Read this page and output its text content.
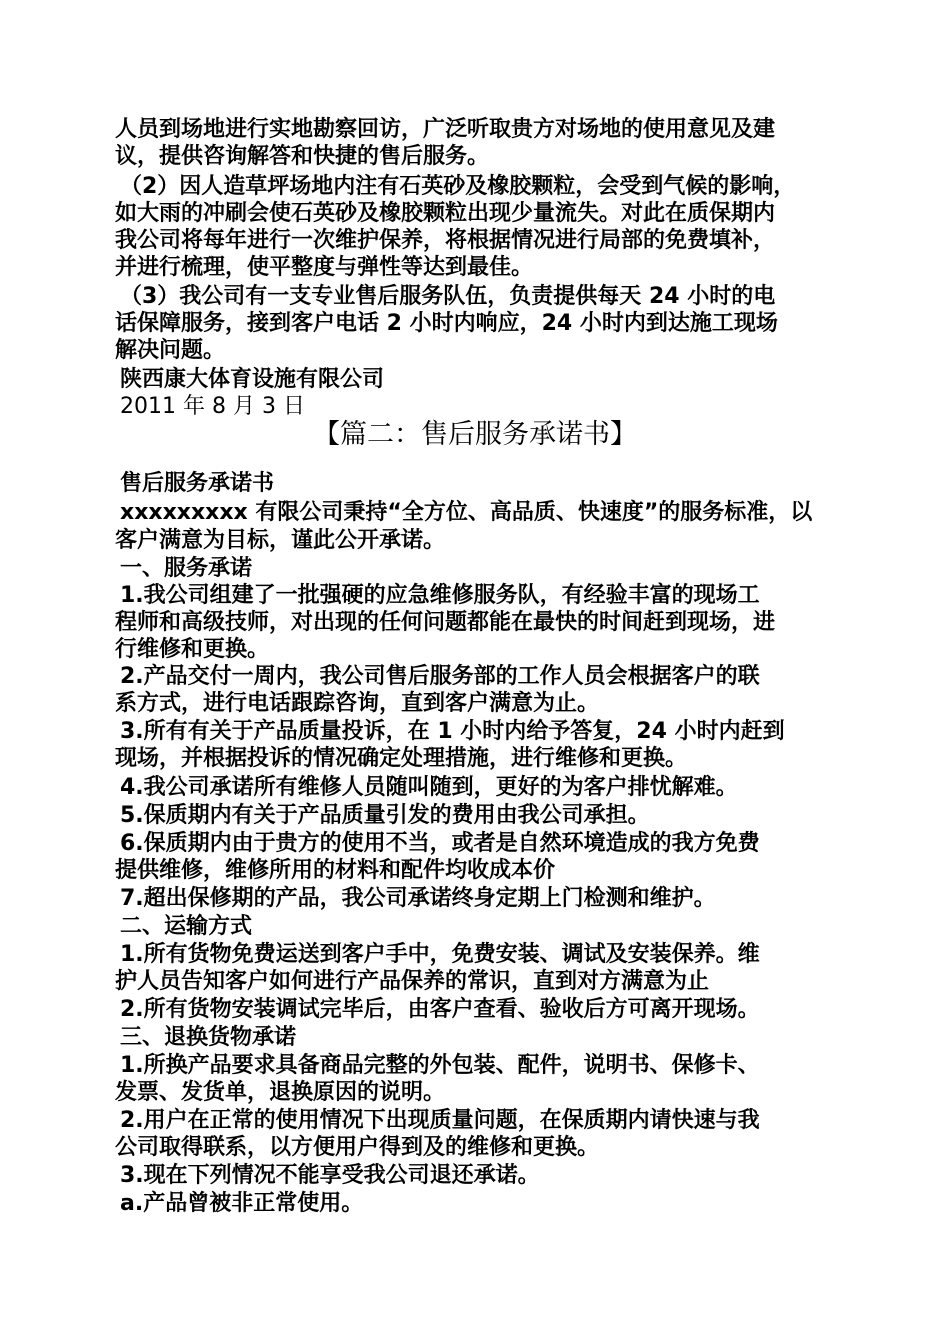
人员到场地进行实地勘察回访，广泛听取贵方对场地的使用意见及建
议，提供咨询解答和快捷的售后服务。
（2）因人造草坪场地内注有石英砂及橡胶颗粒，会受到气候的影响，
如大雨的冲刷会使石英砂及橡胶颗粒出现少量流失。对此在质保期内
我公司将每年进行一次维护保养，将根据情况进行局部的免费填补，
并进行梳理，使平整度与弹性等达到最佳。
（3）我公司有一支专业售后服务队伍，负责提供每天 24 小时的电
话保障服务，接到客户电话 2 小时内响应，24 小时内到达施工现场
解决问题。
陕西康大体育设施有限公司
2011 年 8 月 3 日
【篇二：售后服务承诺书】
售后服务承诺书
xxxxxxxxx 有限公司秉持“全方位、高品质、快速度”的服务标准，以
客户满意为目标，谨此公开承诺。
一、服务承诺
1.我公司组建了一批强硬的应急维修服务队，有经验丰富的现场工
程师和高级技师，对出现的任何问题都能在最快的时间赶到现场，进
行维修和更换。
2.产品交付一周内，我公司售后服务部的工作人员会根据客户的联
系方式，进行电话跟踪咨询，直到客户满意为止。
3.所有有关于产品质量投诉，在 1 小时内给予答复，24 小时内赶到
现场，并根据投诉的情况确定处理措施，进行维修和更换。
4.我公司承诺所有维修人员随叫随到，更好的为客户排忧解难。
5.保质期内有关于产品质量引发的费用由我公司承担。
6.保质期内由于贵方的使用不当，或者是自然环境造成的我方免费
提供维修，维修所用的材料和配件均收成本价
7.超出保修期的产品，我公司承诺终身定期上门检测和维护。
二、运输方式
1.所有货物免费运送到客户手中，免费安装、调试及安装保养。维
护人员告知客户如何进行产品保养的常识，直到对方满意为止
2.所有货物安装调试完毕后，由客户查看、验收后方可离开现场。
三、退换货物承诺
1.所换产品要求具备商品完整的外包装、配件，说明书、保修卡、
发票、发货单，退换原因的说明。
2.用户在正常的使用情况下出现质量问题，在保质期内请快速与我
公司取得联系，以方便用户得到及的维修和更换。
3.现在下列情况不能享受我公司退还承诺。
a.产品曾被非正常使用。
